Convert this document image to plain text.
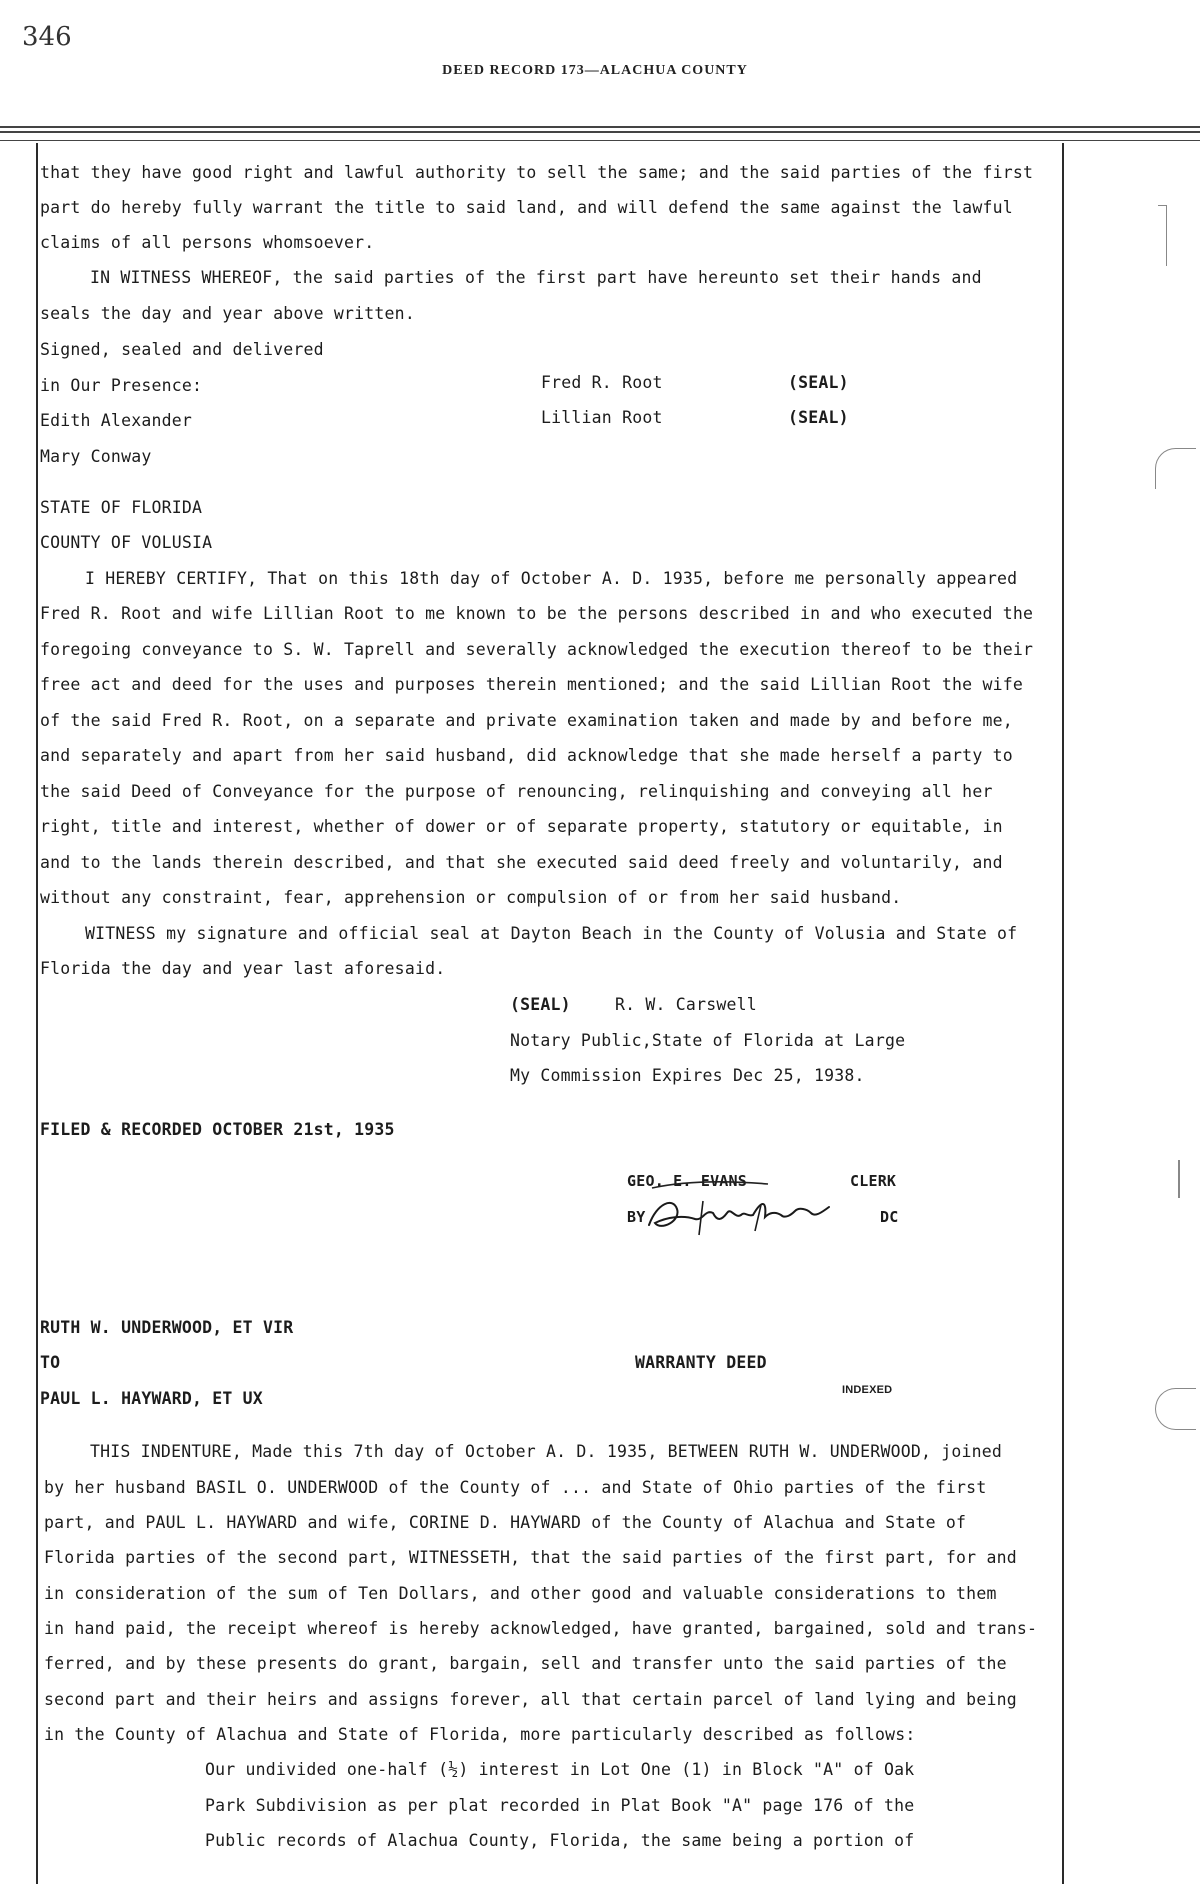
346
DEED RECORD 173—ALACHUA COUNTY
that they have good right and lawful authority to sell the same; and the said parties of the first
part do hereby fully warrant the title to said land, and will defend the same against the lawful
claims of all persons whomsoever.
IN WITNESS WHEREOF, the said parties of the first part have hereunto set their hands and
seals the day and year above written.
Signed, sealed and delivered
in Our Presence:
Edith Alexander
Mary Conway
Fred R. Root	(SEAL)
Lillian Root	(SEAL)
STATE OF FLORIDA
COUNTY OF VOLUSIA
I HEREBY CERTIFY, That on this 18th day of October A. D. 1935, before me personally appeared
Fred R. Root and wife Lillian Root to me known to be the persons described in and who executed the
foregoing conveyance to S. W. Taprell and severally acknowledged the execution thereof to be their
free act and deed for the uses and purposes therein mentioned; and the said Lillian Root the wife
of the said Fred R. Root, on a separate and private examination taken and made by and before me,
and separately and apart from her said husband, did acknowledge that she made herself a party to
the said Deed of Conveyance for the purpose of renouncing, relinquishing and conveying all her
right, title and interest, whether of dower or of separate property, statutory or equitable, in
and to the lands therein described, and that she executed said deed freely and voluntarily, and
without any constraint, fear, apprehension or compulsion of or from her said husband.
WITNESS my signature and official seal at Dayton Beach in the County of Volusia and State of
Florida the day and year last aforesaid.
(SEAL)	R. W. Carswell
Notary Public,State of Florida at Large
My Commission Expires Dec 25, 1938.
FILED & RECORDED OCTOBER 21st, 1935
GEO. E. EVANS	CLERK
BY	DC
RUTH W. UNDERWOOD, ET VIR
TO
PAUL L. HAYWARD, ET UX
WARRANTY DEED
INDEXED
THIS INDENTURE, Made this 7th day of October A. D. 1935, BETWEEN RUTH W. UNDERWOOD, joined
by her husband BASIL O. UNDERWOOD of the County of ... and State of Ohio parties of the first
part, and PAUL L. HAYWARD and wife, CORINE D. HAYWARD of the County of Alachua and State of
Florida parties of the second part, WITNESSETH, that the said parties of the first part, for and
in consideration of the sum of Ten Dollars, and other good and valuable considerations to them
in hand paid, the receipt whereof is hereby acknowledged, have granted, bargained, sold and trans-
ferred, and by these presents do grant, bargain, sell and transfer unto the said parties of the
second part and their heirs and assigns forever, all that certain parcel of land lying and being
in the County of Alachua and State of Florida, more particularly described as follows:
Our undivided one-half (½) interest in Lot One (1) in Block "A" of Oak
Park Subdivision as per plat recorded in Plat Book "A" page 176 of the
Public records of Alachua County, Florida, the same being a portion of
